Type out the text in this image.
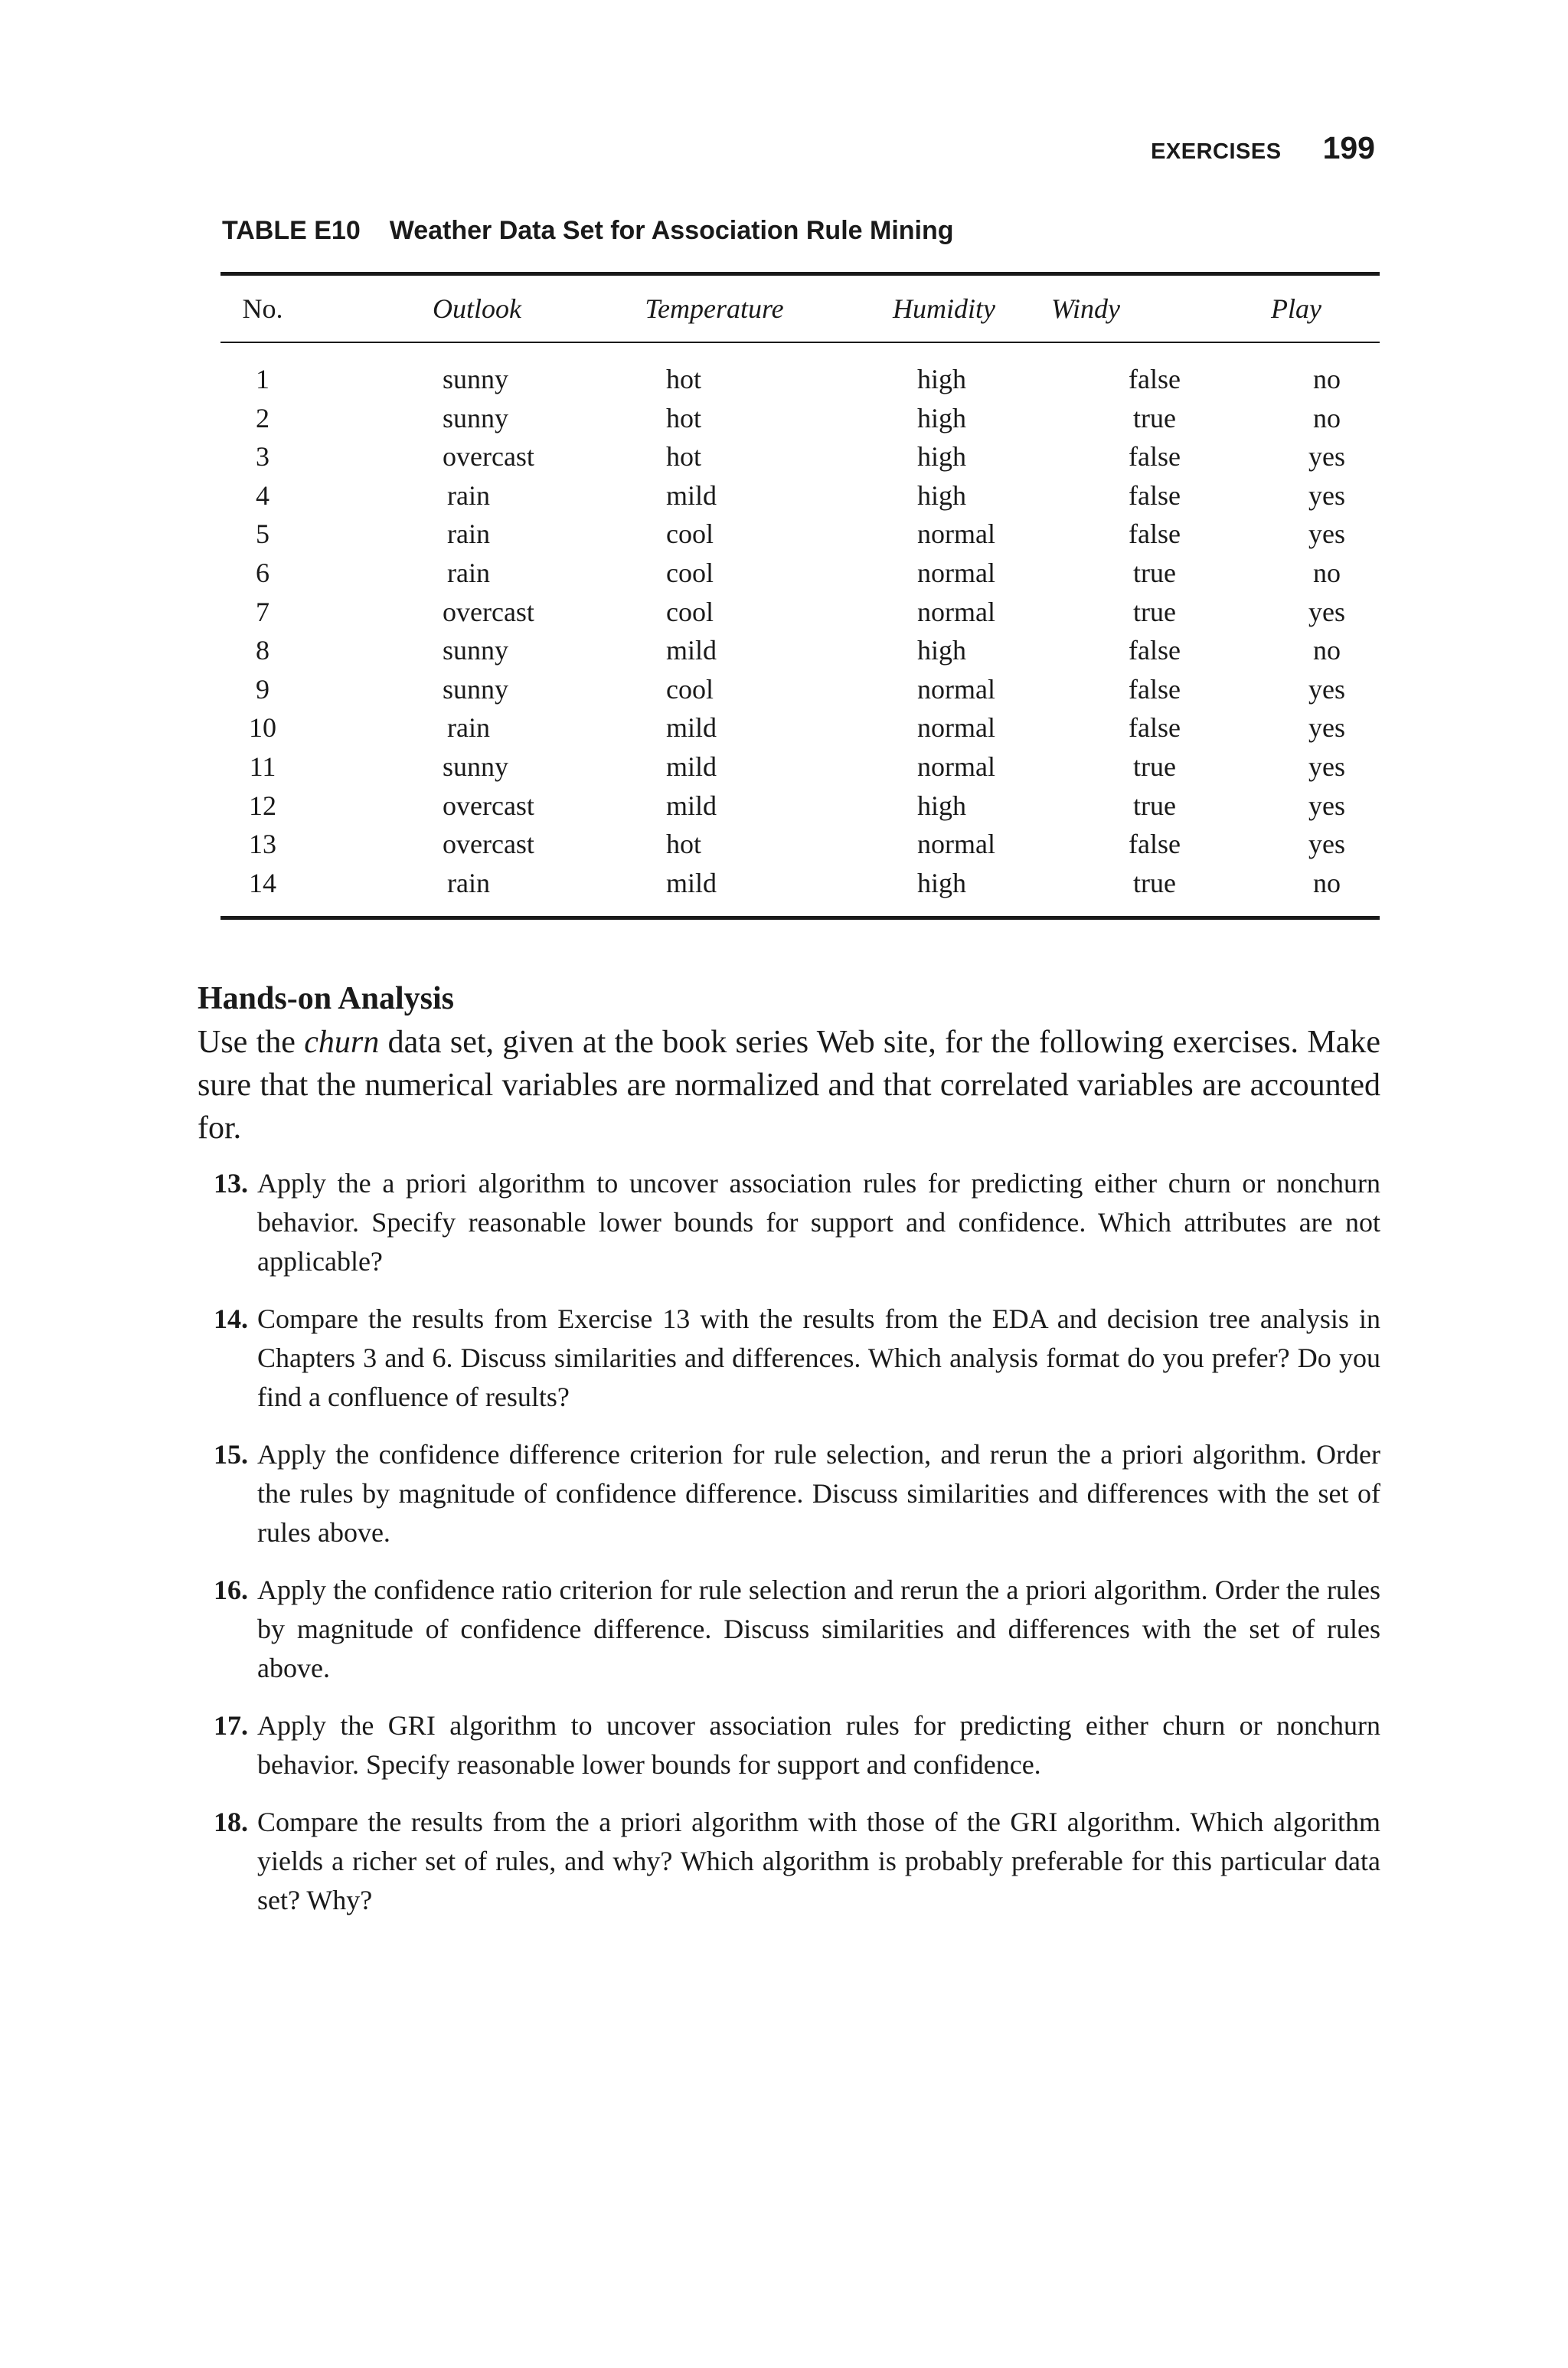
EXERCISES 199
TABLE E10 Weather Data Set for Association Rule Mining
No.	Outlook	Temperature	Humidity	Windy	Play
1	sunny	hot	high	false	no
2	sunny	hot	high	true	no
3	overcast	hot	high	false	yes
4	rain	mild	high	false	yes
5	rain	cool	normal	false	yes
6	rain	cool	normal	true	no
7	overcast	cool	normal	true	yes
8	sunny	mild	high	false	no
9	sunny	cool	normal	false	yes
10	rain	mild	normal	false	yes
11	sunny	mild	normal	true	yes
12	overcast	mild	high	true	yes
13	overcast	hot	normal	false	yes
14	rain	mild	high	true	no
Hands-on Analysis
Use the churn data set, given at the book series Web site, for the following exercises. Make sure that the numerical variables are normalized and that correlated variables are accounted for.
13. Apply the a priori algorithm to uncover association rules for predicting either churn or nonchurn behavior. Specify reasonable lower bounds for support and confidence. Which attributes are not applicable?
14. Compare the results from Exercise 13 with the results from the EDA and decision tree analysis in Chapters 3 and 6. Discuss similarities and differences. Which analysis format do you prefer? Do you find a confluence of results?
15. Apply the confidence difference criterion for rule selection, and rerun the a priori algorithm. Order the rules by magnitude of confidence difference. Discuss similarities and differences with the set of rules above.
16. Apply the confidence ratio criterion for rule selection and rerun the a priori algorithm. Order the rules by magnitude of confidence difference. Discuss similarities and differences with the set of rules above.
17. Apply the GRI algorithm to uncover association rules for predicting either churn or nonchurn behavior. Specify reasonable lower bounds for support and confidence.
18. Compare the results from the a priori algorithm with those of the GRI algorithm. Which algorithm yields a richer set of rules, and why? Which algorithm is probably preferable for this particular data set? Why?
